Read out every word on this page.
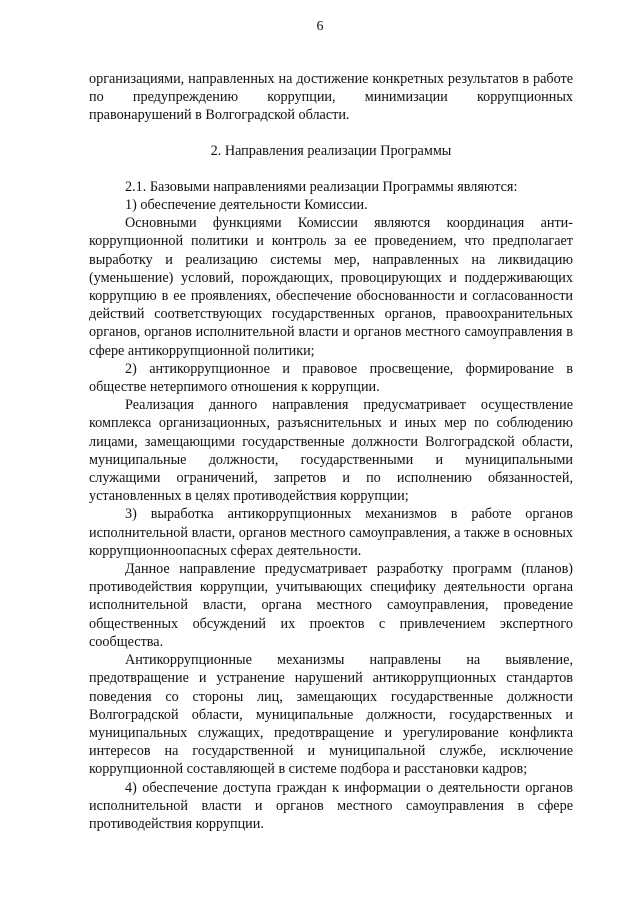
6

организациями, направленных на достижение конкретных результатов в работе по предупреждению коррупции, минимизации коррупционных правонарушений в Волгоградской области.

2. Направления реализации Программы

2.1. Базовыми направлениями реализации Программы являются:

1) обеспечение деятельности Комиссии.

Основными функциями Комиссии являются координация антикоррупционной политики и контроль за ее проведением, что предполагает выработку и реализацию системы мер, направленных на ликвидацию (уменьшение) условий, порождающих, провоцирующих и поддерживающих коррупцию в ее проявлениях, обеспечение обоснованности и согласованности действий соответствующих государственных органов, правоохранительных органов, органов исполнительной власти и органов местного самоуправления в сфере антикоррупционной политики;

2) антикоррупционное и правовое просвещение, формирование в обществе нетерпимого отношения к коррупции.

Реализация данного направления предусматривает осуществление комплекса организационных, разъяснительных и иных мер по соблюдению лицами, замещающими государственные должности Волгоградской области, муниципальные должности, государственными и муниципальными служащими ограничений, запретов и по исполнению обязанностей, установленных в целях противодействия коррупции;

3) выработка антикоррупционных механизмов в работе органов исполнительной власти, органов местного самоуправления, а также в основных коррупционноопасных сферах деятельности.

Данное направление предусматривает разработку программ (планов) противодействия коррупции, учитывающих специфику деятельности органа исполнительной власти, органа местного самоуправления, проведение общественных обсуждений их проектов с привлечением экспертного сообщества.

Антикоррупционные механизмы направлены на выявление, предотвращение и устранение нарушений антикоррупционных стандартов поведения со стороны лиц, замещающих государственные должности Волгоградской области, муниципальные должности, государственных и муниципальных служащих, предотвращение и урегулирование конфликта интересов на государственной и муниципальной службе, исключение коррупционной составляющей в системе подбора и расстановки кадров;

4) обеспечение доступа граждан к информации о деятельности органов исполнительной власти и органов местного самоуправления в сфере противодействия коррупции.
